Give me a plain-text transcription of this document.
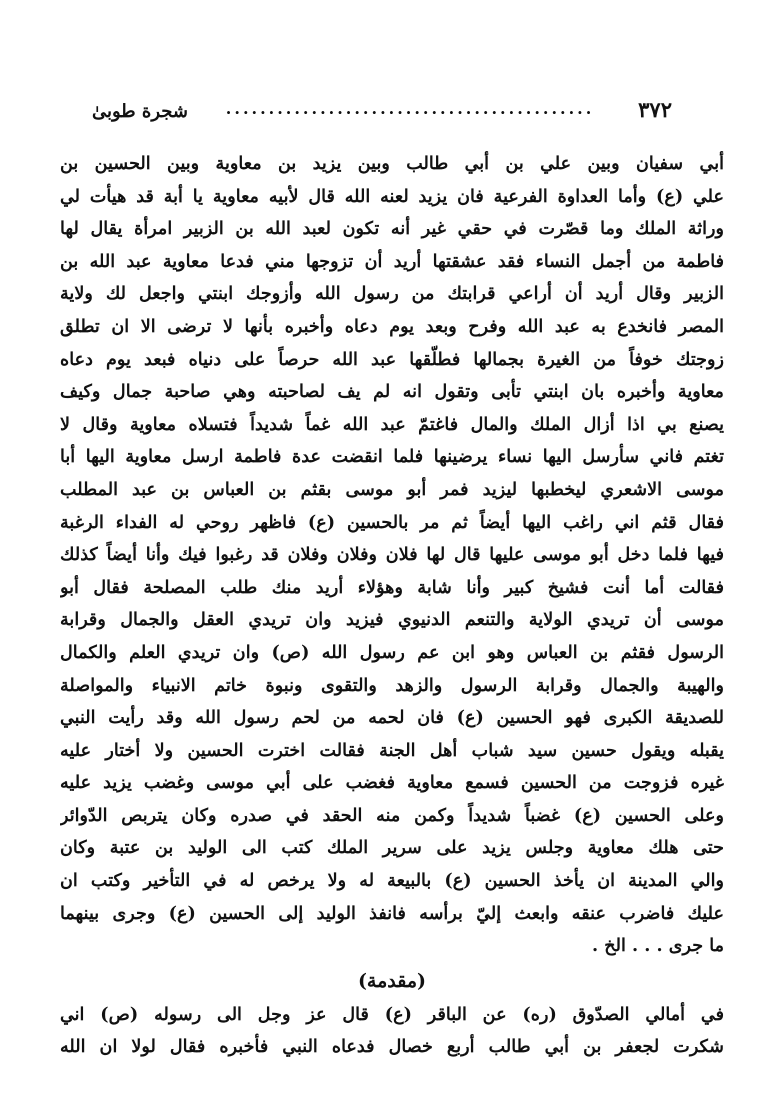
٣٧٢
...........................................
شجرة طوبیٰ
أبي سفيان وبين علي بن أبي طالب وبين يزيد بن معاوية وبين الحسين بن
علي (ع) وأما العداوة الفرعية فان يزيد لعنه الله قال لأبيه معاوية يا أبة قد هيأت لي
وراثة الملك وما قصّرت في حقي غير أنه تكون لعبد الله بن الزبير امرأة يقال لها
فاطمة من أجمل النساء فقد عشقتها أريد أن تزوجها مني فدعا معاوية عبد الله بن
الزبير وقال أريد أن أراعي قرابتك من رسول الله وأزوجك ابنتي واجعل لك ولاية
المصر فانخدع به عبد الله وفرح وبعد يوم دعاه وأخبره بأنها لا ترضى الا ان تطلق
زوجتك خوفاً من الغيرة بجمالها فطلّقها عبد الله حرصاً على دنياه فبعد يوم دعاه
معاوية وأخبره بان ابنتي تأبى وتقول انه لم يف لصاحبته وهي صاحبة جمال وكيف
يصنع بي اذا أزال الملك والمال فاغتمّ عبد الله غماً شديداً فتسلاه معاوية وقال لا
تغتم فاني سأرسل اليها نساء يرضينها فلما انقضت عدة فاطمة ارسل معاوية اليها أبا
موسى الاشعري ليخطبها ليزيد فمر أبو موسى بقثم بن العباس بن عبد المطلب
فقال قثم اني راغب اليها أيضاً ثم مر بالحسين (ع) فاظهر روحي له الفداء الرغبة
فيها فلما دخل أبو موسى عليها قال لها فلان وفلان وفلان قد رغبوا فيك وأنا أيضاً كذلك
فقالت أما أنت فشيخ كبير وأنا شابة وهؤلاء أريد منك طلب المصلحة فقال أبو
موسى أن تريدي الولاية والتنعم الدنيوي فيزيد وان تريدي العقل والجمال وقرابة
الرسول فقثم بن العباس وهو ابن عم رسول الله (ص) وان تريدي العلم والكمال
والهيبة والجمال وقرابة الرسول والزهد والتقوى ونبوة خاتم الانبياء والمواصلة
للصديقة الكبرى فهو الحسين (ع) فان لحمه من لحم رسول الله وقد رأيت النبي
يقبله ويقول حسين سيد شباب أهل الجنة فقالت اخترت الحسين ولا أختار عليه
غيره فزوجت من الحسين فسمع معاوية فغضب على أبي موسى وغضب يزيد عليه
وعلى الحسين (ع) غضباً شديداً وكمن منه الحقد في صدره وكان يتربص الدّوائر
حتى هلك معاوية وجلس يزيد على سرير الملك كتب الى الوليد بن عتبة وكان
والي المدينة ان يأخذ الحسين (ع) بالبيعة له ولا يرخص له في التأخير وكتب ان
عليك فاضرب عنقه وابعث إليّ برأسه فانفذ الوليد إلى الحسين (ع) وجرى بينهما
ما جرى . . . الخ .
(مقدمة)
في أمالي الصدّوق (ره) عن الباقر (ع) قال عز وجل الى رسوله (ص) اني
شكرت لجعفر بن أبي طالب أربع خصال فدعاه النبي فأخبره فقال لولا ان الله
